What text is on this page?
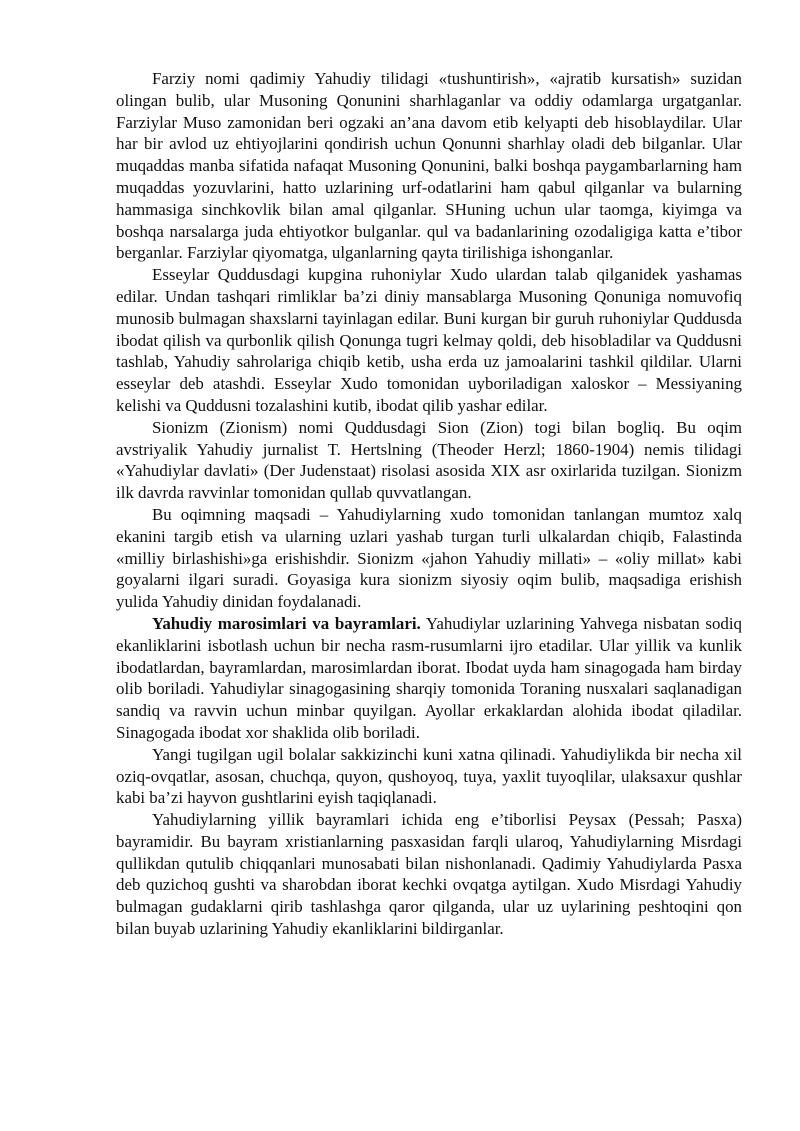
Farziy nomi qadimiy Yahudiy tilidagi «tushuntirish», «ajratib kursatish» suzidan olingan bulib, ular Musoning Qonunini sharhlaganlar va oddiy odamlarga urgatganlar. Farziylar Muso zamonidan beri ogzaki an’ana davom etib kelyapti deb hisoblaydilar. Ular har bir avlod uz ehtiyojlarini qondirish uchun Qonunni sharhlay oladi deb bilganlar. Ular muqaddas manba sifatida nafaqat Musoning Qonunini, balki boshqa paygambarlarning ham muqaddas yozuvlarini, hatto uzlarining urf-odatlarini ham qabul qilganlar va bularning hammasiga sinchkovlik bilan amal qilganlar. SHuning uchun ular taomga, kiyimga va boshqa narsalarga juda ehtiyotkor bulganlar. qul va badanlarining ozodaligiga katta e’tibor berganlar. Farziylar qiyomatga, ulganlarning qayta tirilishiga ishonganlar.

Esseylar Quddusdagi kupgina ruhoniylar Xudo ulardan talab qilganidek yashamas edilar. Undan tashqari rimliklar ba’zi diniy mansablarga Musoning Qonuniga nomuvofiq munosib bulmagan shaxslarni tayinlagan edilar. Buni kurgan bir guruh ruhoniylar Quddusda ibodat qilish va qurbonlik qilish Qonunga tugri kelmay qoldi, deb hisobladilar va Quddusni tashlab, Yahudiy sahrolariga chiqib ketib, usha erda uz jamoalarini tashkil qildilar. Ularni esseylar deb atashdi. Esseylar Xudo tomonidan uyboriladigan xaloskor – Messiyaning kelishi va Quddusni tozalashini kutib, ibodat qilib yashar edilar.

Sionizm (Zionism) nomi Quddusdagi Sion (Zion) togi bilan bogliq. Bu oqim avstriyalik Yahudiy jurnalist T. Hertslning (Theoder Herzl; 1860-1904) nemis tilidagi «Yahudiylar davlati» (Der Judenstaat) risolasi asosida XIX asr oxirlarida tuzilgan. Sionizm ilk davrda ravvinlar tomonidan qullab quvvatlangan.

Bu oqimning maqsadi – Yahudiylarning xudo tomonidan tanlangan mumtoz xalq ekanini targib etish va ularning uzlari yashab turgan turli ulkalardan chiqib, Falastinda «milliy birlashishi»ga erishishdir. Sionizm «jahon Yahudiy millati» – «oliy millat» kabi goyalarni ilgari suradi. Goyasiga kura sionizm siyosiy oqim bulib, maqsadiga erishish yulida Yahudiy dinidan foydalanadi.

Yahudiy marosimlari va bayramlari. Yahudiylar uzlarining Yahvega nisbatan sodiq ekanliklarini isbotlash uchun bir necha rasm-rusumlarni ijro etadilar. Ular yillik va kunlik ibodatlardan, bayramlardan, marosimlardan iborat. Ibodat uyda ham sinagogada ham birday olib boriladi. Yahudiylar sinagogasining sharqiy tomonida Toraning nusxalari saqlanadigan sandiq va ravvin uchun minbar quyilgan. Ayollar erkaklardan alohida ibodat qiladilar. Sinagogada ibodat xor shaklida olib boriladi.

Yangi tugilgan ugil bolalar sakkizinchi kuni xatna qilinadi. Yahudiylikda bir necha xil oziq-ovqatlar, asosan, chuchqa, quyon, qushoyoq, tuya, yaxlit tuyoqlilar, ulaksaxur qushlar kabi ba’zi hayvon gushtlarini eyish taqiqlanadi.

Yahudiylarning yillik bayramlari ichida eng e’tiborlisi Peysax (Pessah; Pasxa) bayramidir. Bu bayram xristianlarning pasxasidan farqli ularoq, Yahudiylarning Misrdagi qullikdan qutulib chiqqanlari munosabati bilan nishonlanadi. Qadimiy Yahudiylarda Pasxa deb quzichoq gushti va sharobdan iborat kechki ovqatga aytilgan. Xudo Misrdagi Yahudiy bulmagan gudaklarni qirib tashlashga qaror qilganda, ular uz uylarining peshtoqini qon bilan buyab uzlarining Yahudiy ekanliklarini bildirganlar.
